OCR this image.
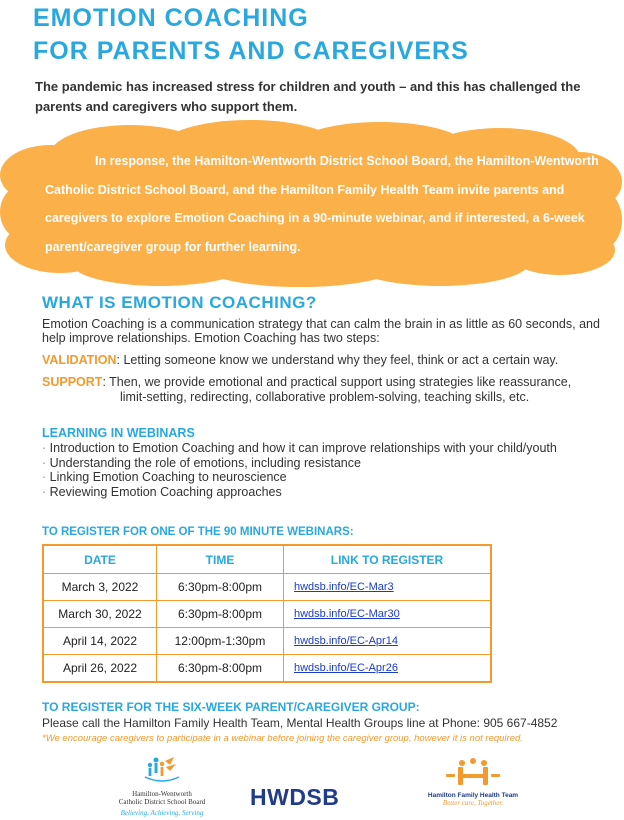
EMOTION COACHING
FOR PARENTS AND CAREGIVERS
The pandemic has increased stress for children and youth – and this has challenged the parents and caregivers who support them.
In response, the Hamilton-Wentworth District School Board, the Hamilton-Wentworth Catholic District School Board, and the Hamilton Family Health Team invite parents and caregivers to explore Emotion Coaching in a 90-minute webinar, and if interested, a 6-week parent/caregiver group for further learning.
WHAT IS EMOTION COACHING?
Emotion Coaching is a communication strategy that can calm the brain in as little as 60 seconds, and help improve relationships. Emotion Coaching has two steps:
VALIDATION: Letting someone know we understand why they feel, think or act a certain way.
SUPPORT: Then, we provide emotional and practical support using strategies like reassurance,
limit-setting, redirecting, collaborative problem-solving, teaching skills, etc.
LEARNING IN WEBINARS
· Introduction to Emotion Coaching and how it can improve relationships with your child/youth
· Understanding the role of emotions, including resistance
· Linking Emotion Coaching to neuroscience
· Reviewing Emotion Coaching approaches
TO REGISTER FOR ONE OF THE 90 MINUTE WEBINARS:
DATE	TIME	LINK TO REGISTER
March 3, 2022	6:30pm-8:00pm	hwdsb.info/EC-Mar3
March 30, 2022	6:30pm-8:00pm	hwdsb.info/EC-Mar30
April 14, 2022	12:00pm-1:30pm	hwdsb.info/EC-Apr14
April 26, 2022	6:30pm-8:00pm	hwdsb.info/EC-Apr26
TO REGISTER FOR THE SIX-WEEK PARENT/CAREGIVER GROUP:
Please call the Hamilton Family Health Team, Mental Health Groups line at Phone: 905 667-4852
*We encourage caregivers to participate in a webinar before joining the caregiver group, however it is not required.
Hamilton-Wentworth
Catholic District School Board
Believing, Achieving, Serving
HWDSB	Hamilton Family Health Team
Better care, Together.
